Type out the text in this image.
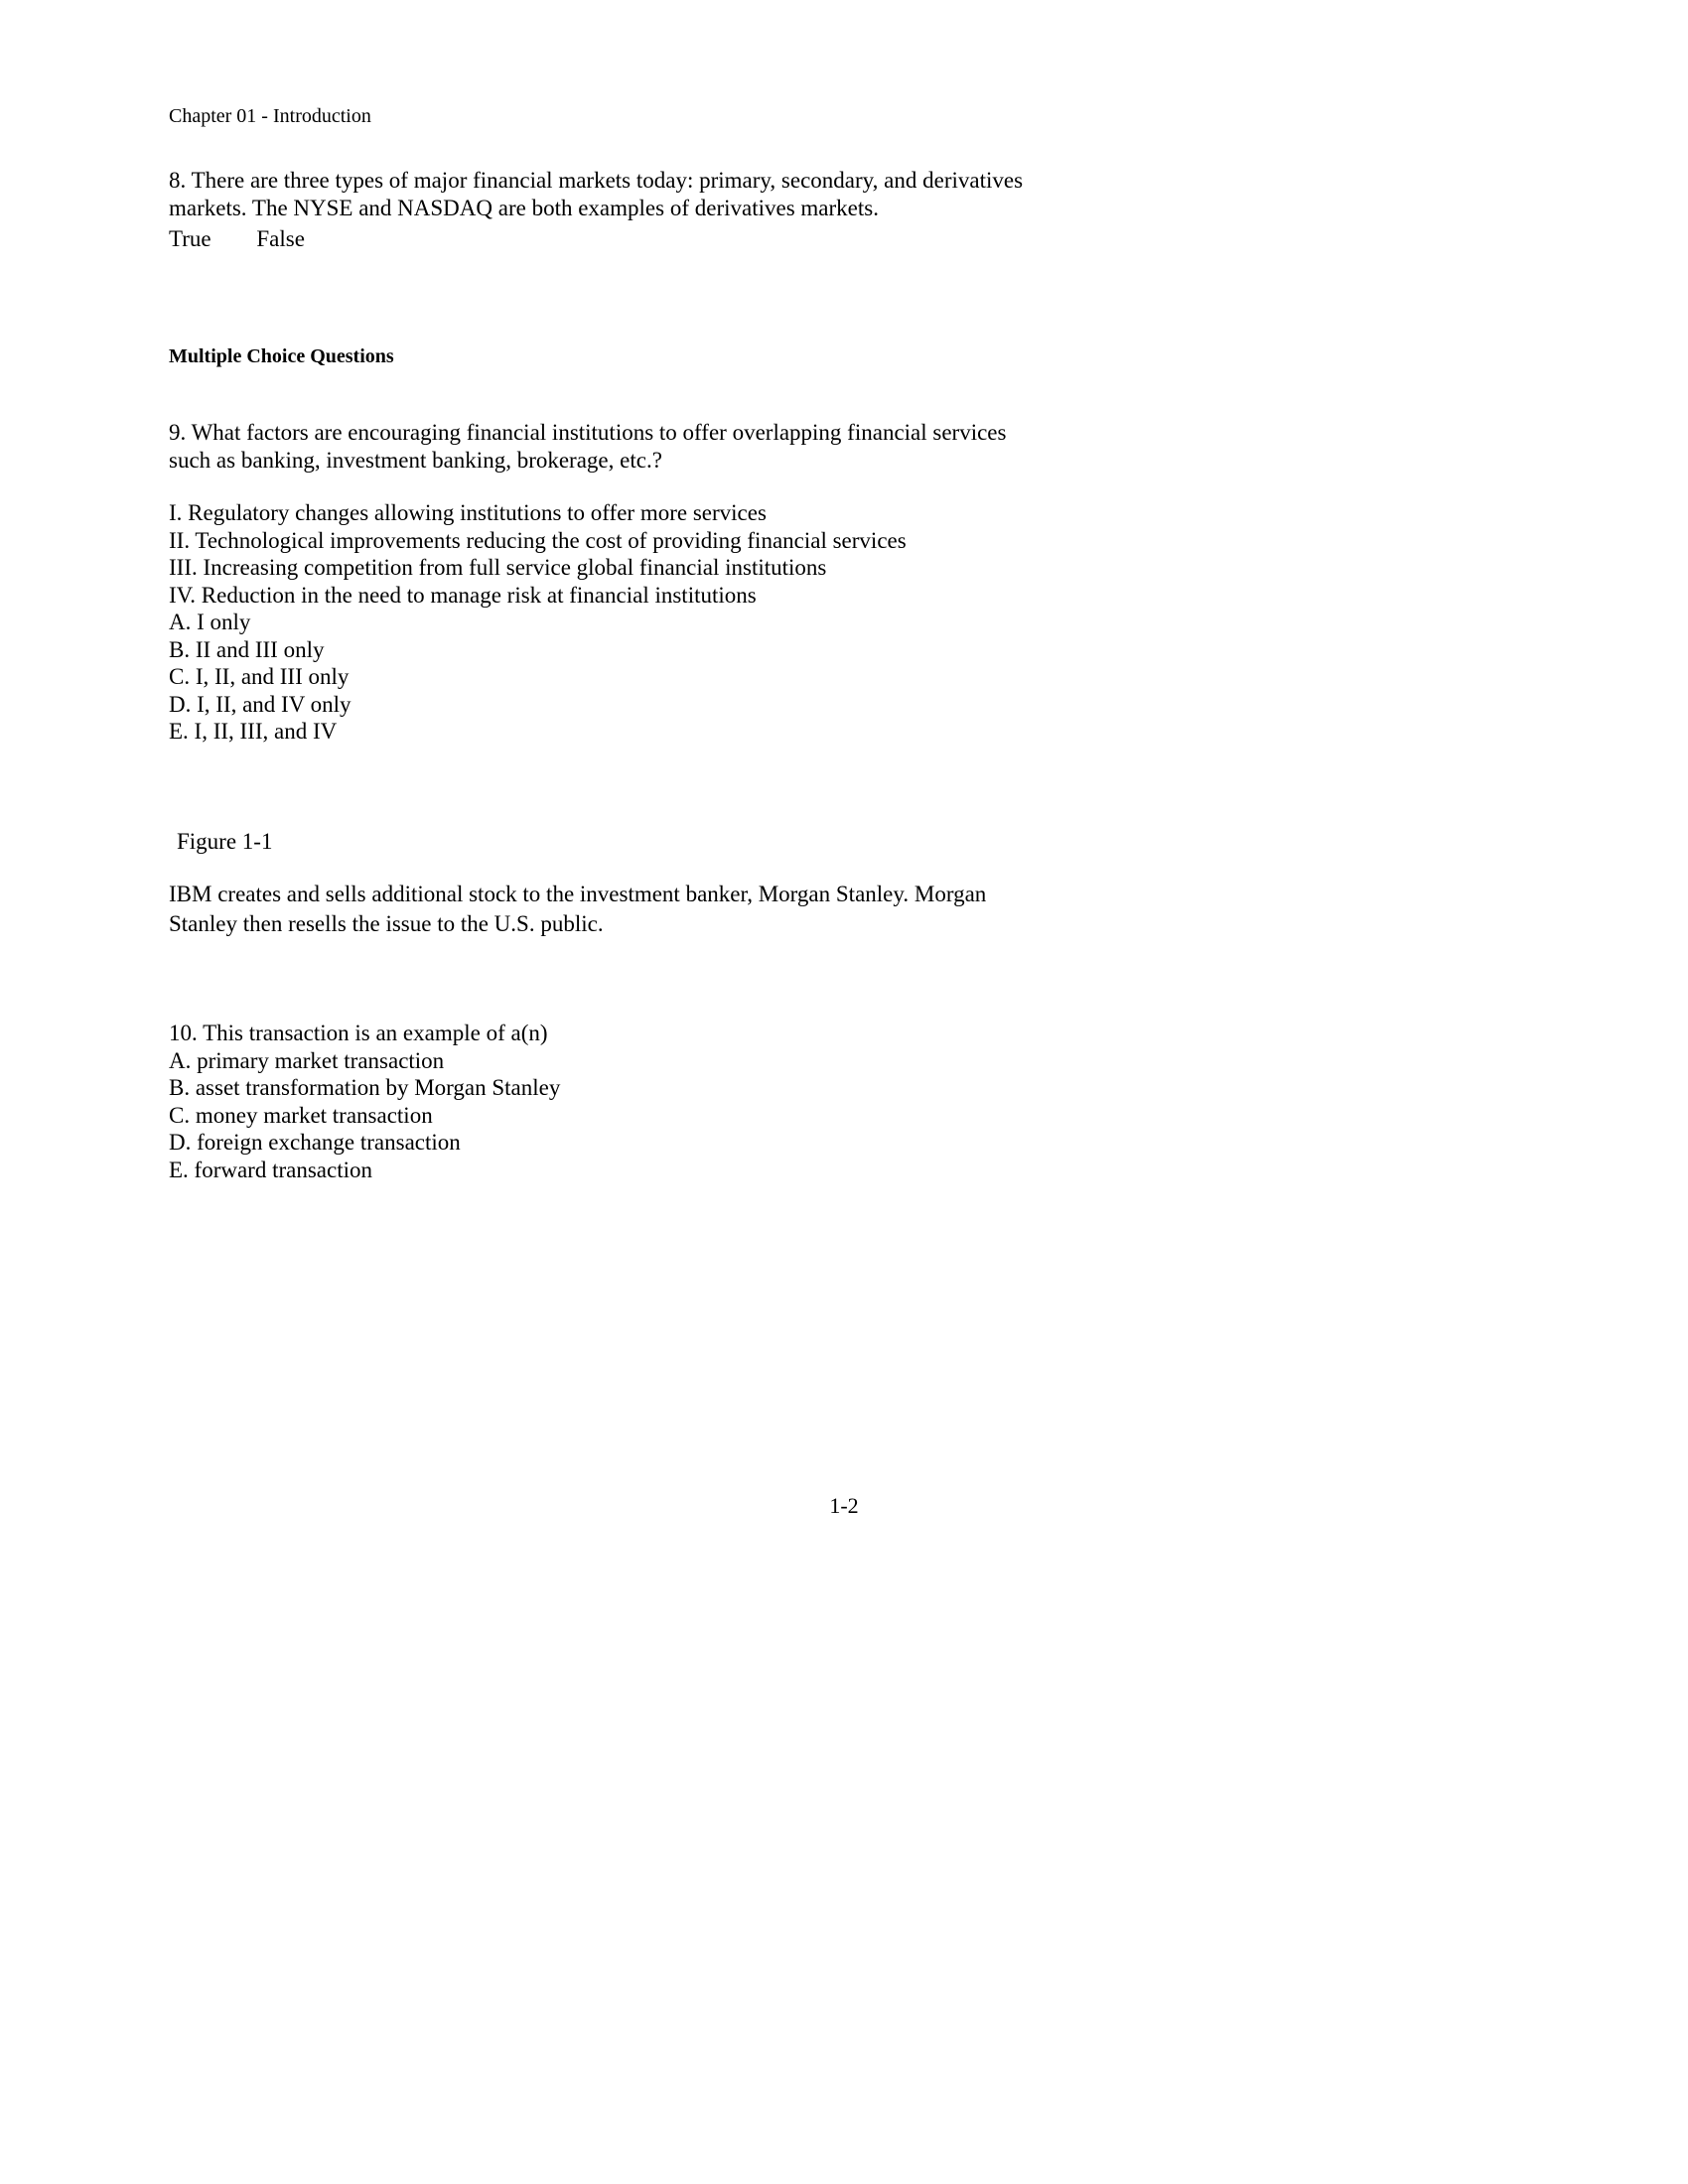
Chapter 01 - Introduction
8. There are three types of major financial markets today: primary, secondary, and derivatives
markets. The NYSE and NASDAQ are both examples of derivatives markets.
True False
Multiple Choice Questions
9. What factors are encouraging financial institutions to offer overlapping financial services
such as banking, investment banking, brokerage, etc.?
I. Regulatory changes allowing institutions to offer more services
II. Technological improvements reducing the cost of providing financial services
III. Increasing competition from full service global financial institutions
IV. Reduction in the need to manage risk at financial institutions
A. I only
B. II and III only
C. I, II, and III only
D. I, II, and IV only
E. I, II, III, and IV
Figure 1-1
IBM creates and sells additional stock to the investment banker, Morgan Stanley. Morgan
Stanley then resells the issue to the U.S. public.
10. This transaction is an example of a(n)
A. primary market transaction
B. asset transformation by Morgan Stanley
C. money market transaction
D. foreign exchange transaction
E. forward transaction
1-2
